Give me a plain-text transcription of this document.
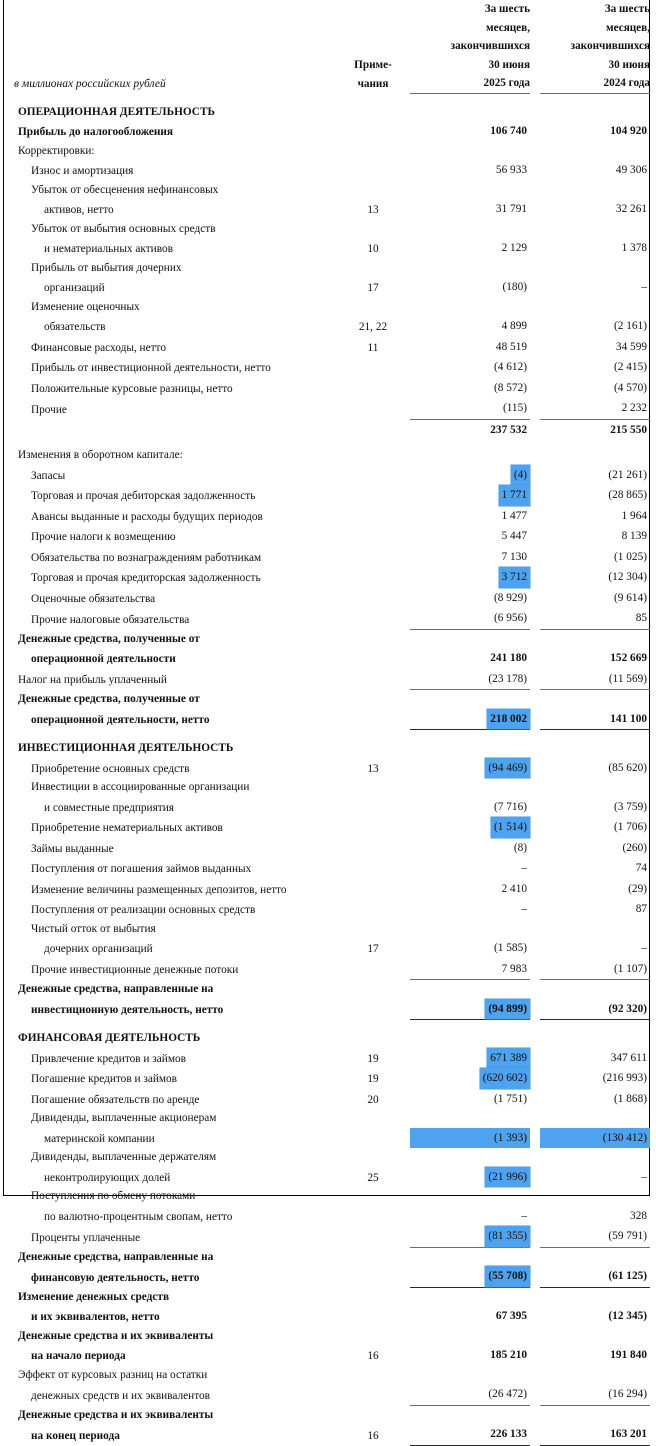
		За шесть		За шесть
		месяцев,		месяцев,
		закончившихся		закончившихся
	Приме-	30 июня		30 июня
в миллионах российских рублей	чания	2025 года		2024 года

ОПЕРАЦИОННАЯ ДЕЯТЕЛЬНОСТЬ				
Прибыль до налогообложения		106 740		104 920
Корректировки:				
Износ и амортизация		56 933		49 306
Убыток от обесценения нефинансовых				
активов, нетто	13	31 791		32 261
Убыток от выбытия основных средств				
и нематериальных активов	10	2 129		1 378
Прибыль от выбытия дочерних				
организаций	17	(180)		–
Изменение оценочных				
обязательств	21, 22	4 899		(2 161)
Финансовые расходы, нетто	11	48 519		34 599
Прибыль от инвестиционной деятельности, нетто		(4 612)		(2 415)
Положительные курсовые разницы, нетто		(8 572)		(4 570)
Прочие		(115)		2 232
		237 532		215 550

Изменения в оборотном капитале:				
Запасы		(4)		(21 261)
Торговая и прочая дебиторская задолженность		1 771		(28 865)
Авансы выданные и расходы будущих периодов		1 477		1 964
Прочие налоги к возмещению		5 447		8 139
Обязательства по вознаграждениям работникам		7 130		(1 025)
Торговая и прочая кредиторская задолженность		3 712		(12 304)
Оценочные обязательства		(8 929)		(9 614)
Прочие налоговые обязательства		(6 956)		85
Денежные средства, полученные от				
операционной деятельности		241 180		152 669
Налог на прибыль уплаченный		(23 178)		(11 569)
Денежные средства, полученные от				
операционной деятельности, нетто		218 002		141 100

ИНВЕСТИЦИОННАЯ ДЕЯТЕЛЬНОСТЬ				
Приобретение основных средств	13	(94 469)		(85 620)
Инвестиции в ассоциированные организации				
и совместные предприятия		(7 716)		(3 759)
Приобретение нематериальных активов		(1 514)		(1 706)
Займы выданные		(8)		(260)
Поступления от погашения займов выданных		–		74
Изменение величины размещенных депозитов, нетто		2 410		(29)
Поступления от реализации основных средств		–		87
Чистый отток от выбытия				
дочерних организаций	17	(1 585)		–
Прочие инвестиционные денежные потоки		7 983		(1 107)
Денежные средства, направленные на				
инвестиционную деятельность, нетто		(94 899)		(92 320)

ФИНАНСОВАЯ ДЕЯТЕЛЬНОСТЬ				
Привлечение кредитов и займов	19	671 389		347 611
Погашение кредитов и займов	19	(620 602)		(216 993)
Погашение обязательств по аренде	20	(1 751)		(1 868)
Дивиденды, выплаченные акционерам				
материнской компании		(1 393)		(130 412)
Дивиденды, выплаченные держателям				
неконтролирующих долей	25	(21 996)		–
Поступления по обмену потоками				
по валютно-процентным свопам, нетто		–		328
Проценты уплаченные		(81 355)		(59 791)
Денежные средства, направленные на				
финансовую деятельность, нетто		(55 708)		(61 125)
Изменение денежных средств				
и их эквивалентов, нетто		67 395		(12 345)
Денежные средства и их эквиваленты				
на начало периода	16	185 210		191 840
Эффект от курсовых разниц на остатки				
денежных средств и их эквивалентов		(26 472)		(16 294)
Денежные средства и их эквиваленты				
на конец периода	16	226 133		163 201
